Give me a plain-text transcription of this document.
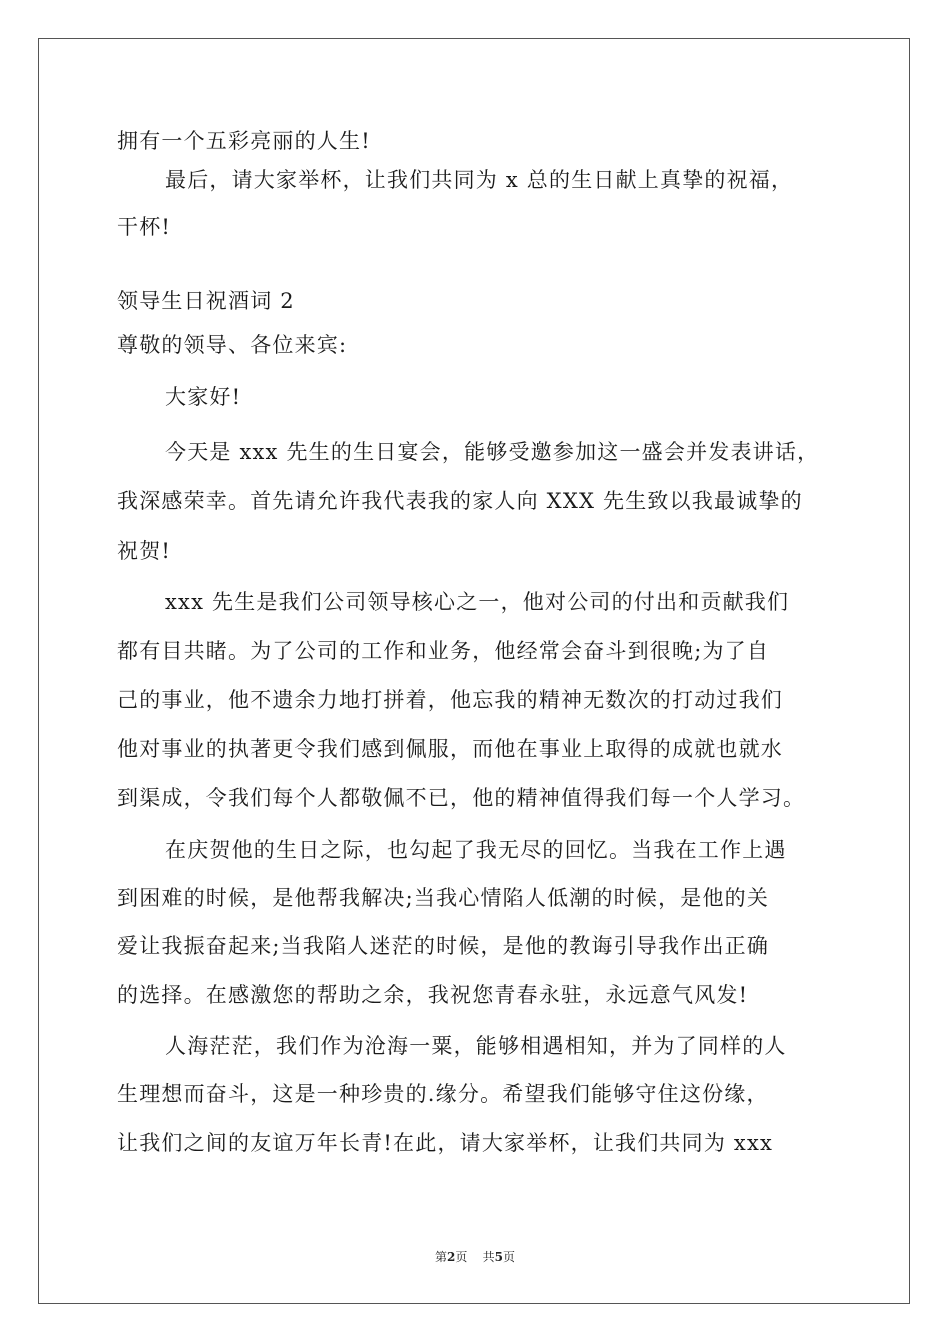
拥有一个五彩亮丽的人生!
最后，请大家举杯，让我们共同为 x 总的生日献上真挚的祝福，
干杯!
领导生日祝酒词 2
尊敬的领导、各位来宾:
大家好!
今天是 xxx 先生的生日宴会，能够受邀参加这一盛会并发表讲话，
我深感荣幸。首先请允许我代表我的家人向 XXX 先生致以我最诚挚的
祝贺!
xxx 先生是我们公司领导核心之一，他对公司的付出和贡献我们
都有目共睹。为了公司的工作和业务，他经常会奋斗到很晚;为了自
己的事业，他不遗余力地打拼着，他忘我的精神无数次的打动过我们
他对事业的执著更令我们感到佩服，而他在事业上取得的成就也就水
到渠成，令我们每个人都敬佩不已，他的精神值得我们每一个人学习。
在庆贺他的生日之际，也勾起了我无尽的回忆。当我在工作上遇
到困难的时候，是他帮我解决;当我心情陷人低潮的时候，是他的关
爱让我振奋起来;当我陷人迷茫的时候，是他的教诲引导我作出正确
的选择。在感激您的帮助之余，我祝您青春永驻，永远意气风发!
人海茫茫，我们作为沧海一粟，能够相遇相知，并为了同样的人
生理想而奋斗，这是一种珍贵的.缘分。希望我们能够守住这份缘，
让我们之间的友谊万年长青!在此，请大家举杯，让我们共同为 xxx
第2页 共5页
